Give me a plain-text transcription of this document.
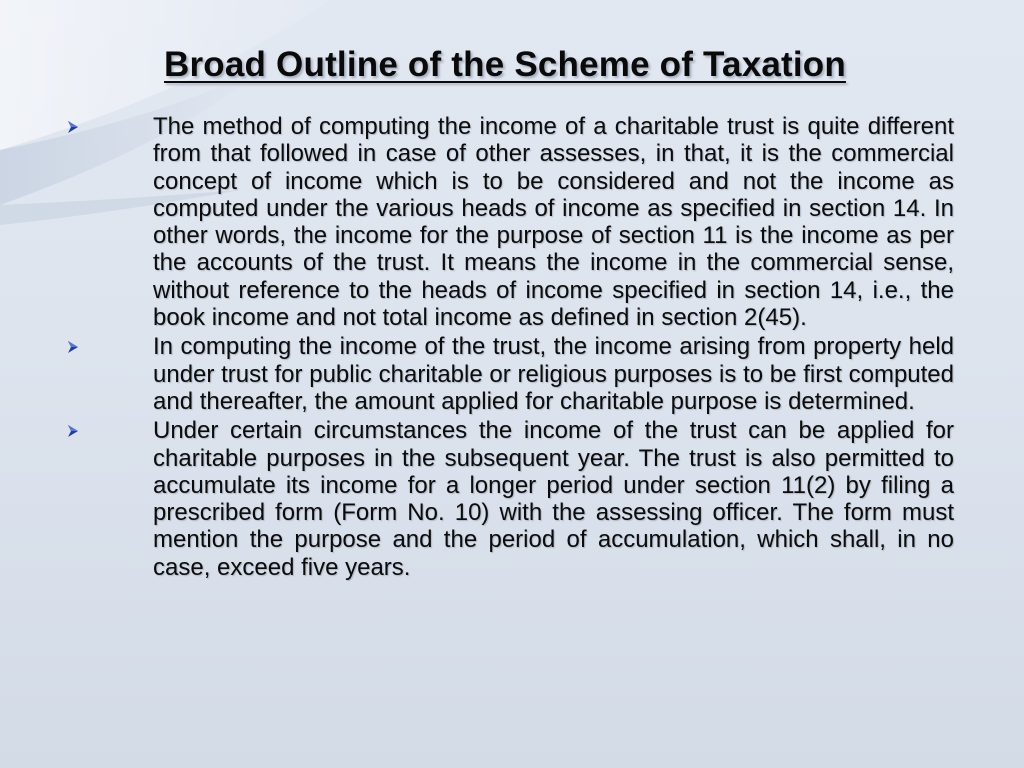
Broad Outline of the Scheme of Taxation
The method of computing the income of a charitable trust is quite different from that followed in case of other assesses, in that, it is the commercial concept of income which is to be considered and not the income as computed under the various heads of income as specified in section 14. In other words, the income for the purpose of section 11 is the income as per the accounts of the trust. It means the income in the commercial sense, without reference to the heads of income specified in section 14, i.e., the book income and not total income as defined in section 2(45).
In computing the income of the trust, the income arising from property held under trust for public charitable or religious purposes is to be first computed and thereafter, the amount applied for charitable purpose is determined.
Under certain circumstances the income of the trust can be applied for charitable purposes in the subsequent year. The trust is also permitted to accumulate its income for a longer period under section 11(2) by filing a prescribed form (Form No. 10) with the assessing officer. The form must mention the purpose and the period of accumulation, which shall, in no case, exceed five years.
